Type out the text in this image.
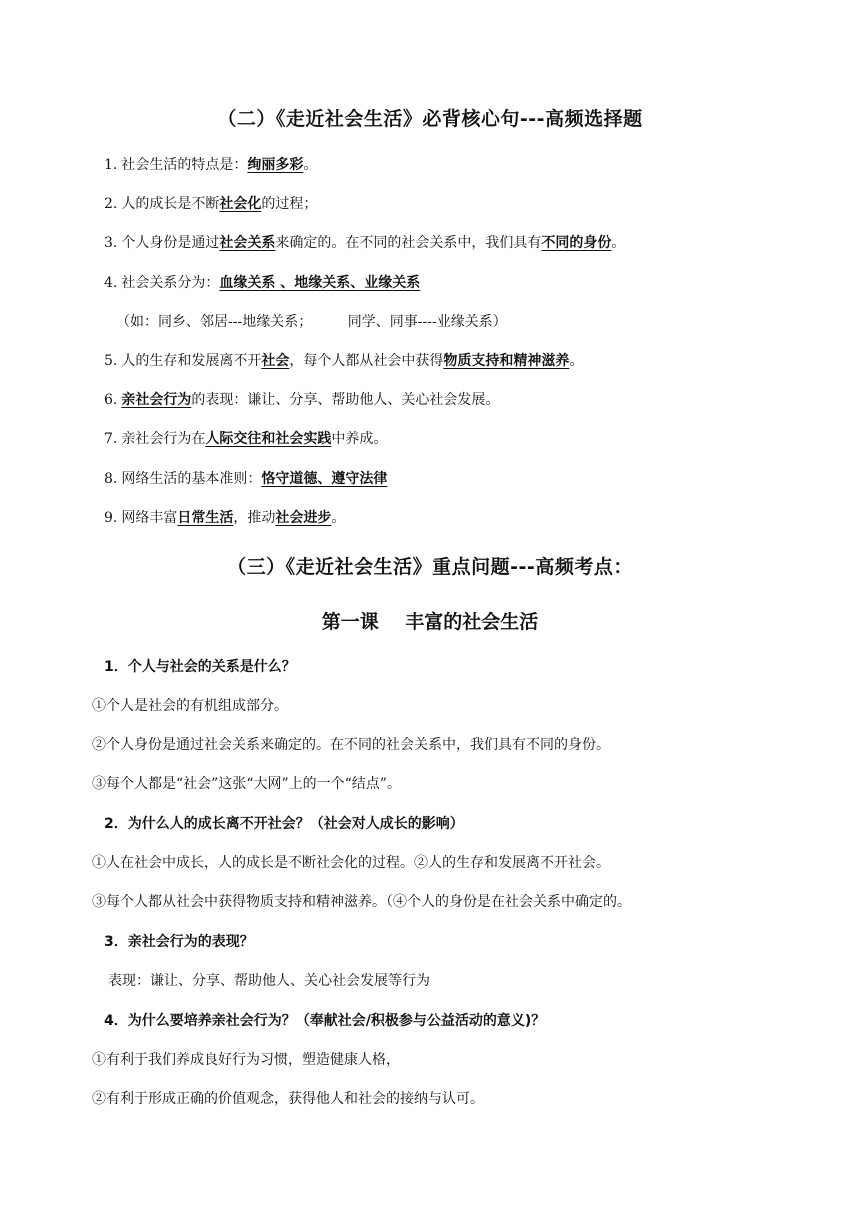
（二）《走近社会生活》必背核心句---高频选择题
1. 社会生活的特点是：绚丽多彩。
2. 人的成长是不断社会化的过程；
3. 个人身份是通过社会关系来确定的。在不同的社会关系中，我们具有不同的身份。
4. 社会关系分为：血缘关系 、地缘关系、业缘关系
（如：同乡、邻居---地缘关系；        同学、同事----业缘关系）
5. 人的生存和发展离不开社会，每个人都从社会中获得物质支持和精神滋养。
6. 亲社会行为的表现：谦让、分享、帮助他人、关心社会发展。
7. 亲社会行为在人际交往和社会实践中养成。
8. 网络生活的基本准则：恪守道德、遵守法律
9. 网络丰富日常生活，推动社会进步。
（三）《走近社会生活》重点问题---高频考点：
第一课    丰富的社会生活
1．个人与社会的关系是什么？
①个人是社会的有机组成部分。
②个人身份是通过社会关系来确定的。在不同的社会关系中，我们具有不同的身份。
③每个人都是“社会”这张“大网”上的一个“结点”。
2．为什么人的成长离不开社会？（社会对人成长的影响）
①人在社会中成长，人的成长是不断社会化的过程。②人的生存和发展离不开社会。
③每个人都从社会中获得物质支持和精神滋养。（④个人的身份是在社会关系中确定的。
3．亲社会行为的表现？
表现：谦让、分享、帮助他人、关心社会发展等行为
4．为什么要培养亲社会行为？（奉献社会/积极参与公益活动的意义)？
①有利于我们养成良好行为习惯，塑造健康人格，
②有利于形成正确的价值观念，获得他人和社会的接纳与认可。
